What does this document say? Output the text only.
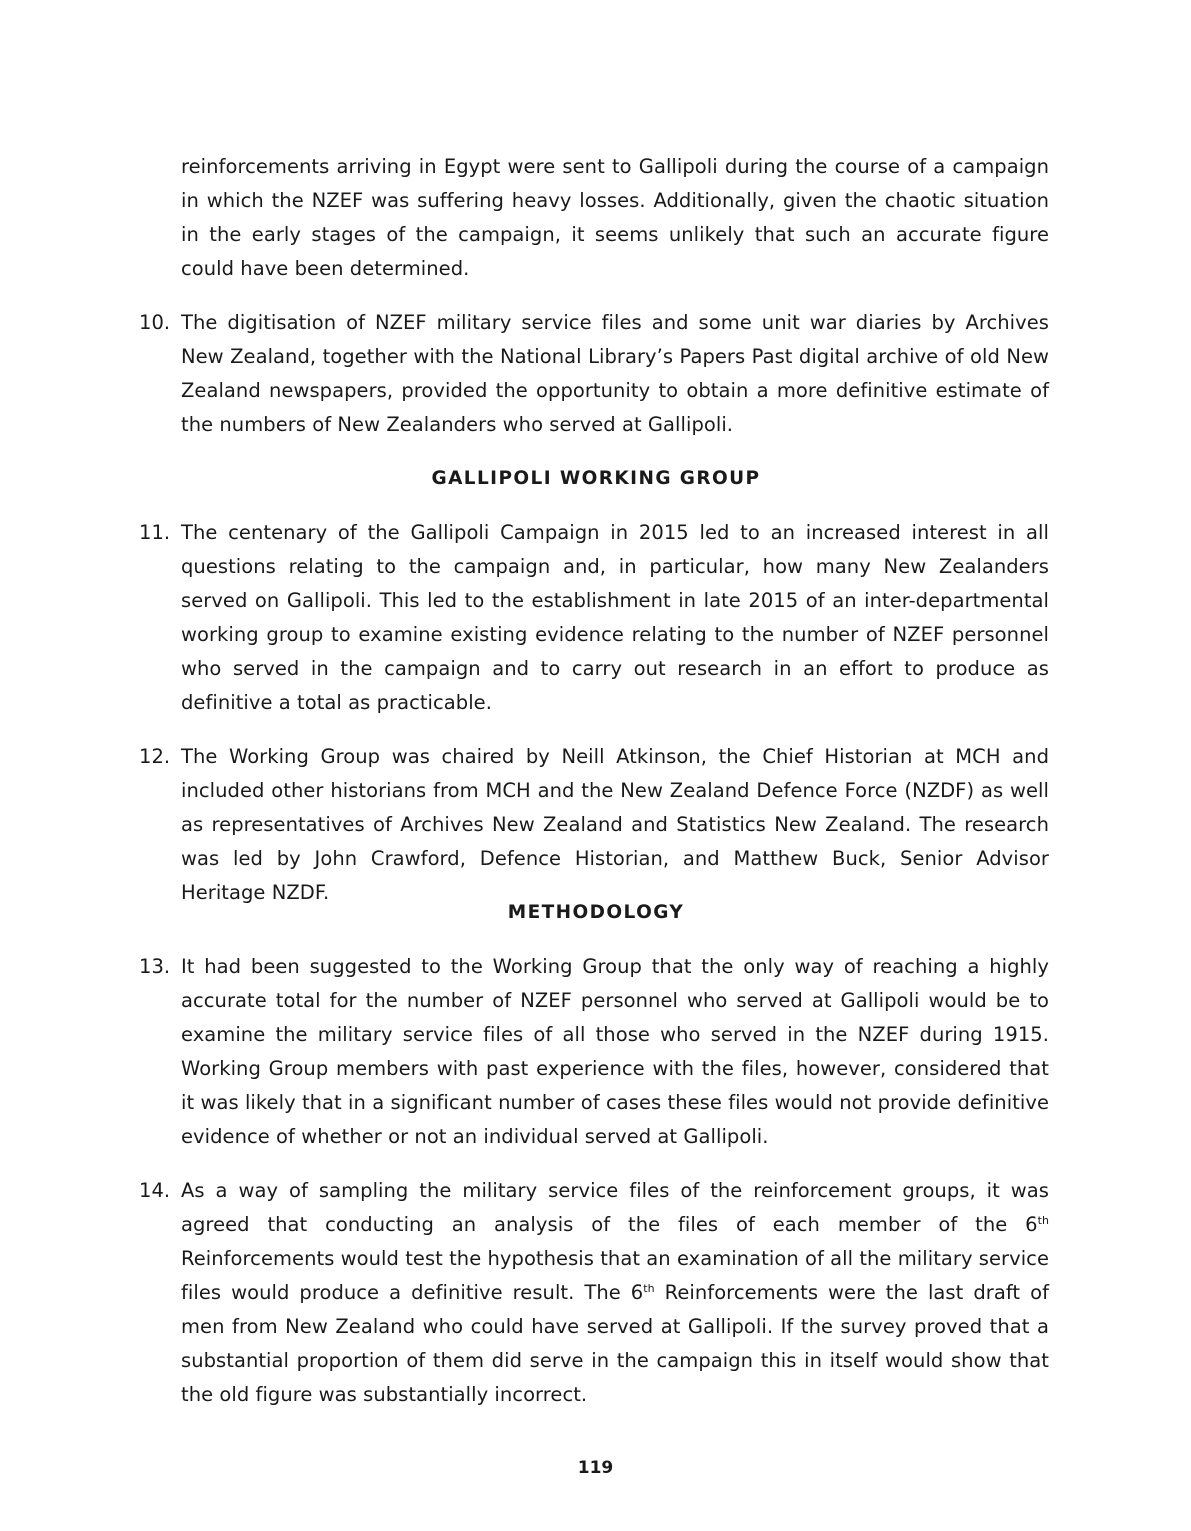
reinforcements arriving in Egypt were sent to Gallipoli during the course of a campaign in which the NZEF was suffering heavy losses. Additionally, given the chaotic situation in the early stages of the campaign, it seems unlikely that such an accurate figure could have been determined.

10. The digitisation of NZEF military service files and some unit war diaries by Archives New Zealand, together with the National Library’s Papers Past digital archive of old New Zealand newspapers, provided the opportunity to obtain a more definitive estimate of the numbers of New Zealanders who served at Gallipoli.

GALLIPOLI WORKING GROUP

11. The centenary of the Gallipoli Campaign in 2015 led to an increased interest in all questions relating to the campaign and, in particular, how many New Zealanders served on Gallipoli. This led to the establishment in late 2015 of an inter-departmental working group to examine existing evidence relating to the number of NZEF personnel who served in the campaign and to carry out research in an effort to produce as definitive a total as practicable.

12. The Working Group was chaired by Neill Atkinson, the Chief Historian at MCH and included other historians from MCH and the New Zealand Defence Force (NZDF) as well as representatives of Archives New Zealand and Statistics New Zealand. The research was led by John Crawford, Defence Historian, and Matthew Buck, Senior Advisor Heritage NZDF.

METHODOLOGY

13. It had been suggested to the Working Group that the only way of reaching a highly accurate total for the number of NZEF personnel who served at Gallipoli would be to examine the military service files of all those who served in the NZEF during 1915. Working Group members with past experience with the files, however, considered that it was likely that in a significant number of cases these files would not provide definitive evidence of whether or not an individual served at Gallipoli.

14. As a way of sampling the military service files of the reinforcement groups, it was agreed that conducting an analysis of the files of each member of the 6th Reinforcements would test the hypothesis that an examination of all the military service files would produce a definitive result. The 6th Reinforcements were the last draft of men from New Zealand who could have served at Gallipoli. If the survey proved that a substantial proportion of them did serve in the campaign this in itself would show that the old figure was substantially incorrect.

119
